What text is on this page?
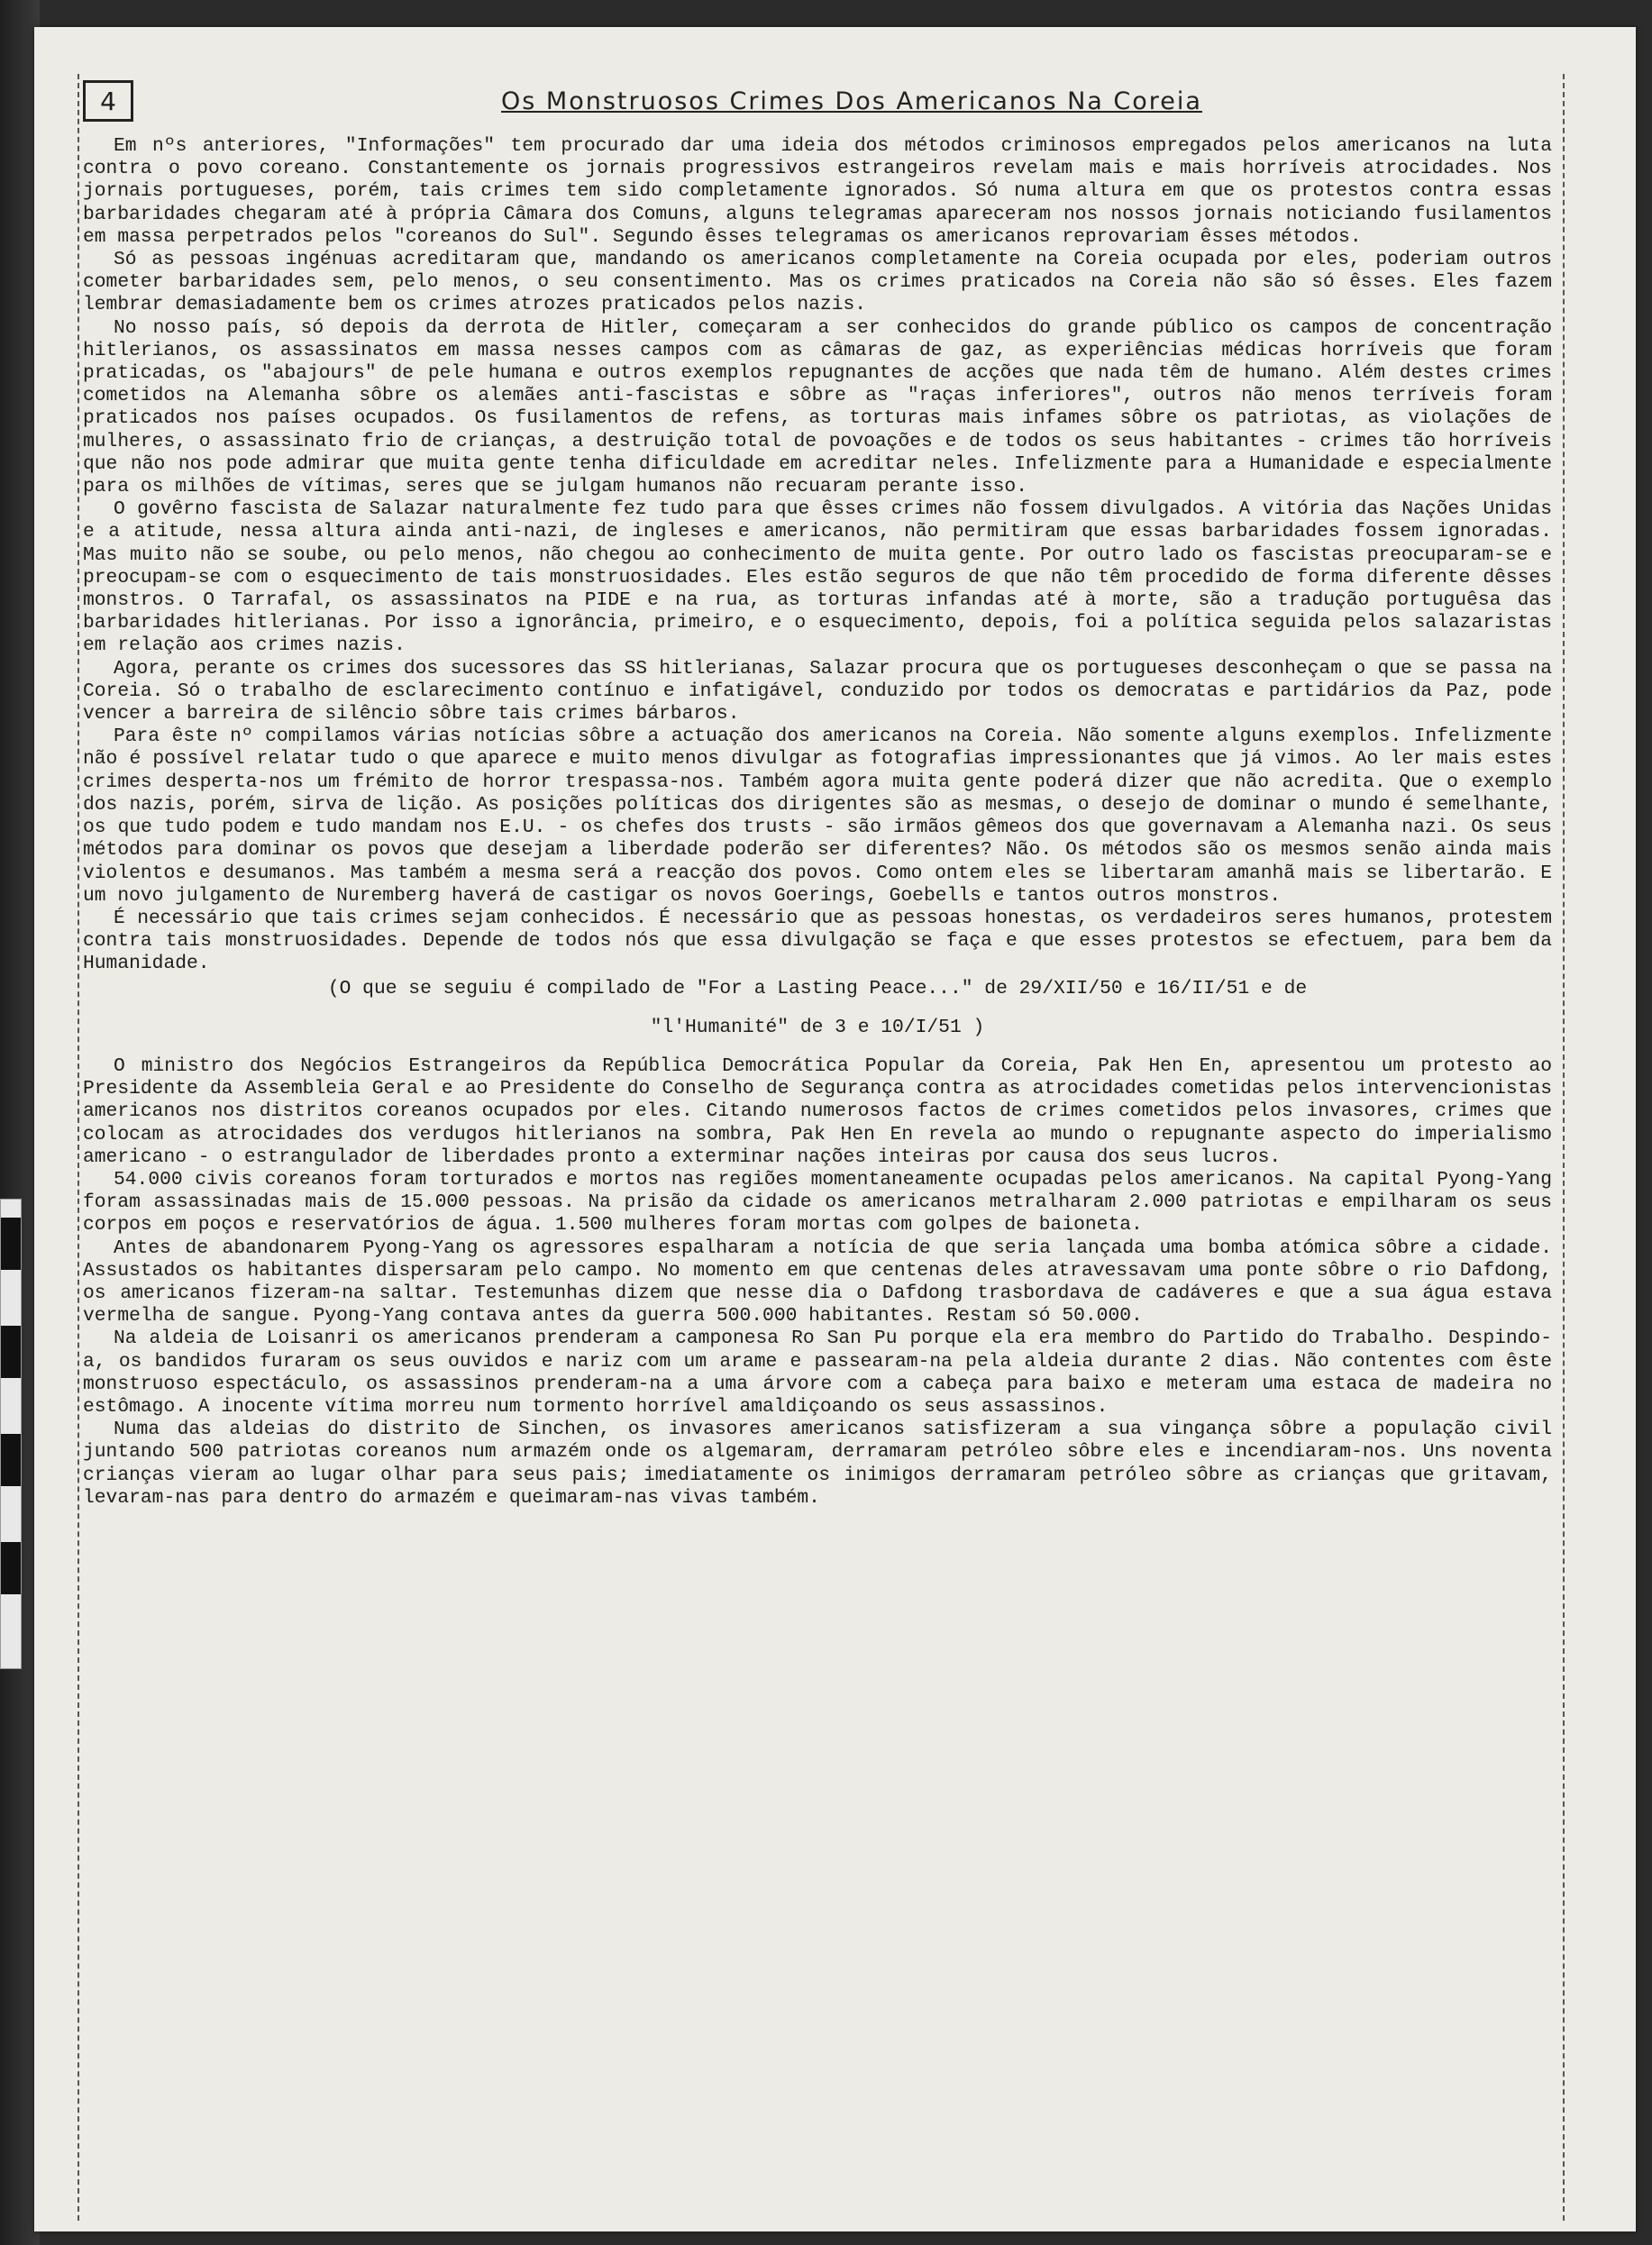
4	Os Monstruosos Crimes Dos Americanos Na Coreia

Em nºs anteriores, "Informações" tem procurado dar uma ideia dos métodos criminosos empregados pelos americanos na luta contra o povo coreano. Constantemente os jornais progressivos estrangeiros revelam mais e mais horríveis atrocidades. Nos jornais portugueses, porém, tais crimes tem sido completamente ignorados. Só numa altura em que os protestos contra essas barbaridades chegaram até à própria Câmara dos Comuns, alguns telegramas apareceram nos nossos jornais noticiando fusilamentos em massa perpetrados pelos "coreanos do Sul". Segundo êsses telegramas os americanos reprovariam êsses métodos.

Só as pessoas ingénuas acreditaram que, mandando os americanos completamente na Coreia ocupada por eles, poderiam outros cometer barbaridades sem, pelo menos, o seu consentimento. Mas os crimes praticados na Coreia não são só êsses. Eles fazem lembrar demasiadamente bem os crimes atrozes praticados pelos nazis.

No nosso país, só depois da derrota de Hitler, começaram a ser conhecidos do grande público os campos de concentração hitlerianos, os assassinatos em massa nesses campos com as câmaras de gaz, as experiências médicas horríveis que foram praticadas, os "abajours" de pele humana e outros exemplos repugnantes de acções que nada têm de humano. Além destes crimes cometidos na Alemanha sôbre os alemães anti-fascistas e sôbre as "raças inferiores", outros não menos terríveis foram praticados nos países ocupados. Os fusilamentos de refens, as torturas mais infames sôbre os patriotas, as violações de mulheres, o assassinato frio de crianças, a destruição total de povoações e de todos os seus habitantes - crimes tão horríveis que não nos pode admirar que muita gente tenha dificuldade em acreditar neles. Infelizmente para a Humanidade e especialmente para os milhões de vítimas, seres que se julgam humanos não recuaram perante isso.

O govêrno fascista de Salazar naturalmente fez tudo para que êsses crimes não fossem divulgados. A vitória das Nações Unidas e a atitude, nessa altura ainda anti-nazi, de ingleses e americanos, não permitiram que essas barbaridades fossem ignoradas. Mas muito não se soube, ou pelo menos, não chegou ao conhecimento de muita gente. Por outro lado os fascistas preocuparam-se e preocupam-se com o esquecimento de tais monstruosidades. Eles estão seguros de que não têm procedido de forma diferente dêsses monstros. O Tarrafal, os assassinatos na PIDE e na rua, as torturas infandas até à morte, são a tradução portuguêsa das barbaridades hitlerianas. Por isso a ignorância, primeiro, e o esquecimento, depois, foi a política seguida pelos salazaristas em relação aos crimes nazis.

Agora, perante os crimes dos sucessores das SS hitlerianas, Salazar procura que os portugueses desconheçam o que se passa na Coreia. Só o trabalho de esclarecimento contínuo e infatigável, conduzido por todos os democratas e partidários da Paz, pode vencer a barreira de silêncio sôbre tais crimes bárbaros.

Para êste nº compilamos várias notícias sôbre a actuação dos americanos na Coreia. Não somente alguns exemplos. Infelizmente não é possível relatar tudo o que aparece e muito menos divulgar as fotografias impressionantes que já vimos. Ao ler mais estes crimes desperta-nos um frémito de horror trespassa-nos. Também agora muita gente poderá dizer que não acredita. Que o exemplo dos nazis, porém, sirva de lição. As posições políticas dos dirigentes são as mesmas, o desejo de dominar o mundo é semelhante, os que tudo podem e tudo mandam nos E.U. - os chefes dos trusts - são irmãos gêmeos dos que governavam a Alemanha nazi. Os seus métodos para dominar os povos que desejam a liberdade poderão ser diferentes? Não. Os métodos são os mesmos senão ainda mais violentos e desumanos. Mas também a mesma será a reacção dos povos. Como ontem eles se libertaram amanhã mais se libertarão. E um novo julgamento de Nuremberg haverá de castigar os novos Goerings, Goebells e tantos outros monstros.

É necessário que tais crimes sejam conhecidos. É necessário que as pessoas honestas, os verdadeiros seres humanos, protestem contra tais monstruosidades. Depende de todos nós que essa divulgação se faça e que esses protestos se efectuem, para bem da Humanidade.

(O que se seguiu é compilado de "For a Lasting Peace..." de 29/XII/50 e 16/II/51 e de

"l'Humanité" de 3 e 10/I/51 )

O ministro dos Negócios Estrangeiros da República Democrática Popular da Coreia, Pak Hen En, apresentou um protesto ao Presidente da Assembleia Geral e ao Presidente do Conselho de Segurança contra as atrocidades cometidas pelos intervencionistas americanos nos distritos coreanos ocupados por eles. Citando numerosos factos de crimes cometidos pelos invasores, crimes que colocam as atrocidades dos verdugos hitlerianos na sombra, Pak Hen En revela ao mundo o repugnante aspecto do imperialismo americano - o estrangulador de liberdades pronto a exterminar nações inteiras por causa dos seus lucros.

54.000 civis coreanos foram torturados e mortos nas regiões momentaneamente ocupadas pelos americanos. Na capital Pyong-Yang foram assassinadas mais de 15.000 pessoas. Na prisão da cidade os americanos metralharam 2.000 patriotas e empilharam os seus corpos em poços e reservatórios de água. 1.500 mulheres foram mortas com golpes de baioneta.

Antes de abandonarem Pyong-Yang os agressores espalharam a notícia de que seria lançada uma bomba atómica sôbre a cidade. Assustados os habitantes dispersaram pelo campo. No momento em que centenas deles atravessavam uma ponte sôbre o rio Dafdong, os americanos fizeram-na saltar. Testemunhas dizem que nesse dia o Dafdong trasbordava de cadáveres e que a sua água estava vermelha de sangue. Pyong-Yang contava antes da guerra 500.000 habitantes. Restam só 50.000.

Na aldeia de Loisanri os americanos prenderam a camponesa Ro San Pu porque ela era membro do Partido do Trabalho. Despindo-a, os bandidos furaram os seus ouvidos e nariz com um arame e passearam-na pela aldeia durante 2 dias. Não contentes com êste monstruoso espectáculo, os assassinos prenderam-na a uma árvore com a cabeça para baixo e meteram uma estaca de madeira no estômago. A inocente vítima morreu num tormento horrível amaldiçoando os seus assassinos.

Numa das aldeias do distrito de Sinchen, os invasores americanos satisfizeram a sua vingança sôbre a população civil juntando 500 patriotas coreanos num armazém onde os algemaram, derramaram petróleo sôbre eles e incendiaram-nos. Uns noventa crianças vieram ao lugar olhar para seus pais; imediatamente os inimigos derramaram petróleo sôbre as crianças que gritavam, levaram-nas para dentro do armazém e queimaram-nas vivas também.
